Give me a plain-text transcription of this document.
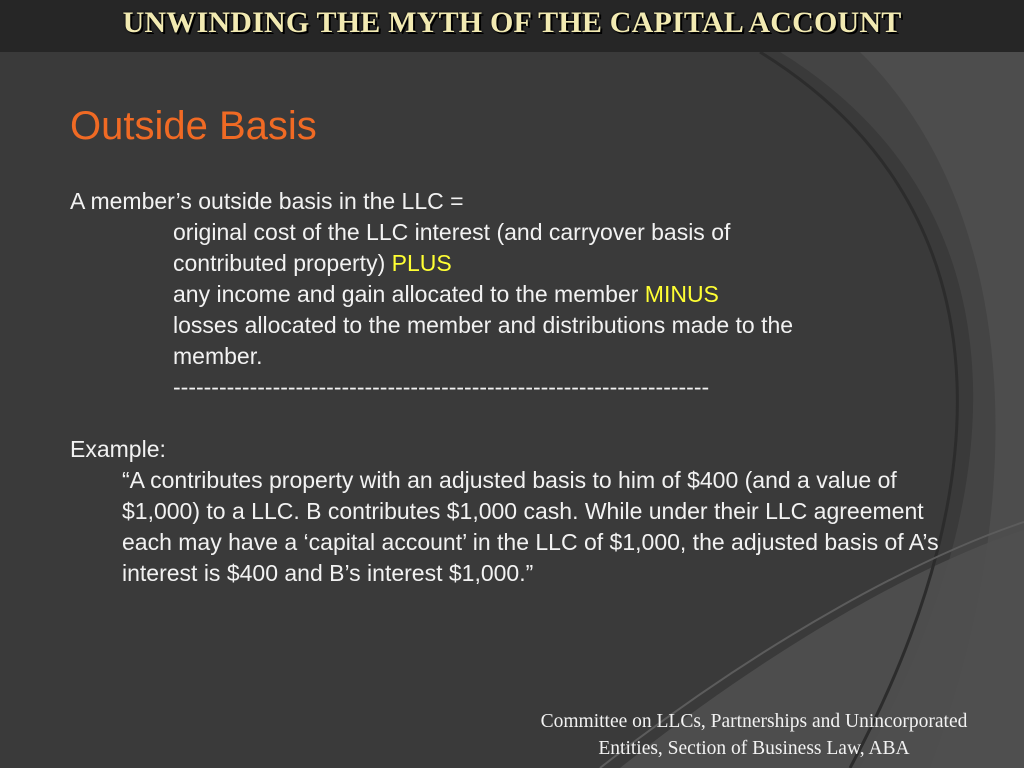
UNWINDING THE MYTH OF THE CAPITAL ACCOUNT
Outside Basis
A member’s outside basis in the LLC =
original cost of the LLC interest (and carryover basis of
contributed property) PLUS
any income and gain allocated to the member MINUS
losses allocated to the member and distributions made to the
member.
----------------------------------------------------------------------
Example:
“A contributes property with an adjusted basis to him of $400 (and a value of $1,000) to a LLC. B contributes $1,000 cash. While under their LLC agreement each may have a ‘capital account’ in the LLC of $1,000, the adjusted basis of A’s interest is $400 and B’s interest $1,000.”
Committee on LLCs, Partnerships and Unincorporated
Entities, Section of Business Law, ABA
